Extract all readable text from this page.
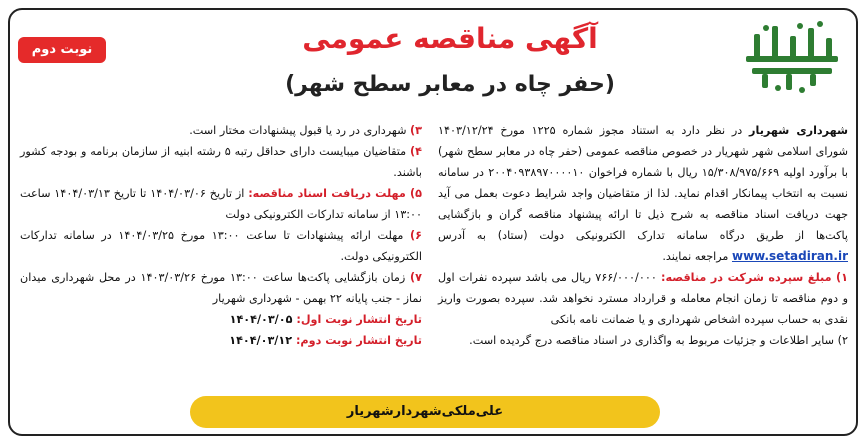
نوبت دوم	آگهی مناقصه عمومی
(حفر چاه در معابر سطح شهر)

شهرداری شهریار در نظر دارد به استناد مجوز شماره ۱۲۲۵ مورخ ۱۴۰۳/۱۲/۲۴ شورای اسلامی شهر شهریار در خصوص مناقصه عمومی (حفر چاه در معابر سطح شهر) با برآورد اولیه ۱۵/۳۰۸/۹۷۵/۶۶۹ ریال با شماره فراخوان ۲۰۰۴۰۹۳۸۹۷۰۰۰۰۱۰ در سامانه نسبت به انتخاب پیمانکار اقدام نماید. لذا از متقاضیان واجد شرایط دعوت بعمل می آید جهت دریافت اسناد مناقصه به شرح ذیل تا ارائه پیشنهاد مناقصه گران و بازگشایی پاکت‌ها از طریق درگاه سامانه تدارک الکترونیکی دولت (ستاد) به آدرس www.setadiran.ir مراجعه نمایند.

۱) مبلغ سپرده شرکت در مناقصه: ۷۶۶/۰۰۰/۰۰۰ ریال می باشد سپرده نفرات اول و دوم مناقصه تا زمان انجام معامله و قرارداد مسترد نخواهد شد. سپرده بصورت واریز نقدی به حساب سپرده اشخاص شهرداری و یا ضمانت نامه بانکی

۲) سایر اطلاعات و جزئیات مربوط به واگذاری در اسناد مناقصه درج گردیده است.

۳) شهرداری در رد یا قبول پیشنهادات مختار است.

۴) متقاضیان میبایست دارای حداقل رتبه ۵ رشته ابنیه از سازمان برنامه و بودجه کشور باشند.

۵) مهلت دریافت اسناد مناقصه: از تاریخ ۱۴۰۴/۰۳/۰۶ تا تاریخ ۱۴۰۴/۰۳/۱۳ ساعت ۱۳:۰۰ از سامانه تدارکات الکترونیکی دولت

۶) مهلت ارائه پیشنهادات تا ساعت ۱۳:۰۰ مورخ ۱۴۰۴/۰۳/۲۵ در سامانه تدارکات الکترونیکی دولت.

۷) زمان بازگشایی پاکت‌ها ساعت ۱۳:۰۰ مورخ ۱۴۰۳/۰۳/۲۶ در محل شهرداری میدان نماز - جنب پایانه ۲۲ بهمن - شهرداری شهریار

تاریخ انتشار نوبت اول: ۱۴۰۴/۰۳/۰۵

تاریخ انتشار نوبت دوم: ۱۴۰۴/۰۳/۱۲

علی‌ملکی‌شهردار‌شهریار
